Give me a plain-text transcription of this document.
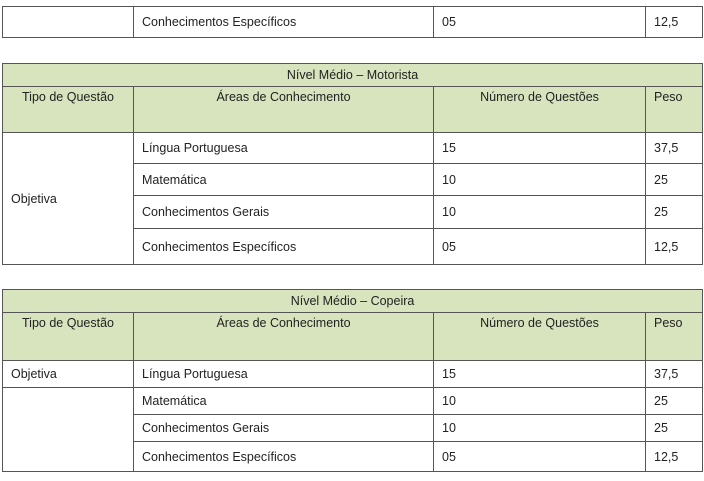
	Conhecimentos Específicos	05	12,5
Nível Médio – Motorista			
Tipo de Questão	Áreas de Conhecimento	Número de Questões	Peso
Objetiva	Língua Portuguesa	15	37,5
	Matemática	10	25
	Conhecimentos Gerais	10	25
	Conhecimentos Específicos	05	12,5
Nível Médio – Copeira			
Tipo de Questão	Áreas de Conhecimento	Número de Questões	Peso
Objetiva	Língua Portuguesa	15	37,5
	Matemática	10	25
	Conhecimentos Gerais	10	25
	Conhecimentos Específicos	05	12,5
